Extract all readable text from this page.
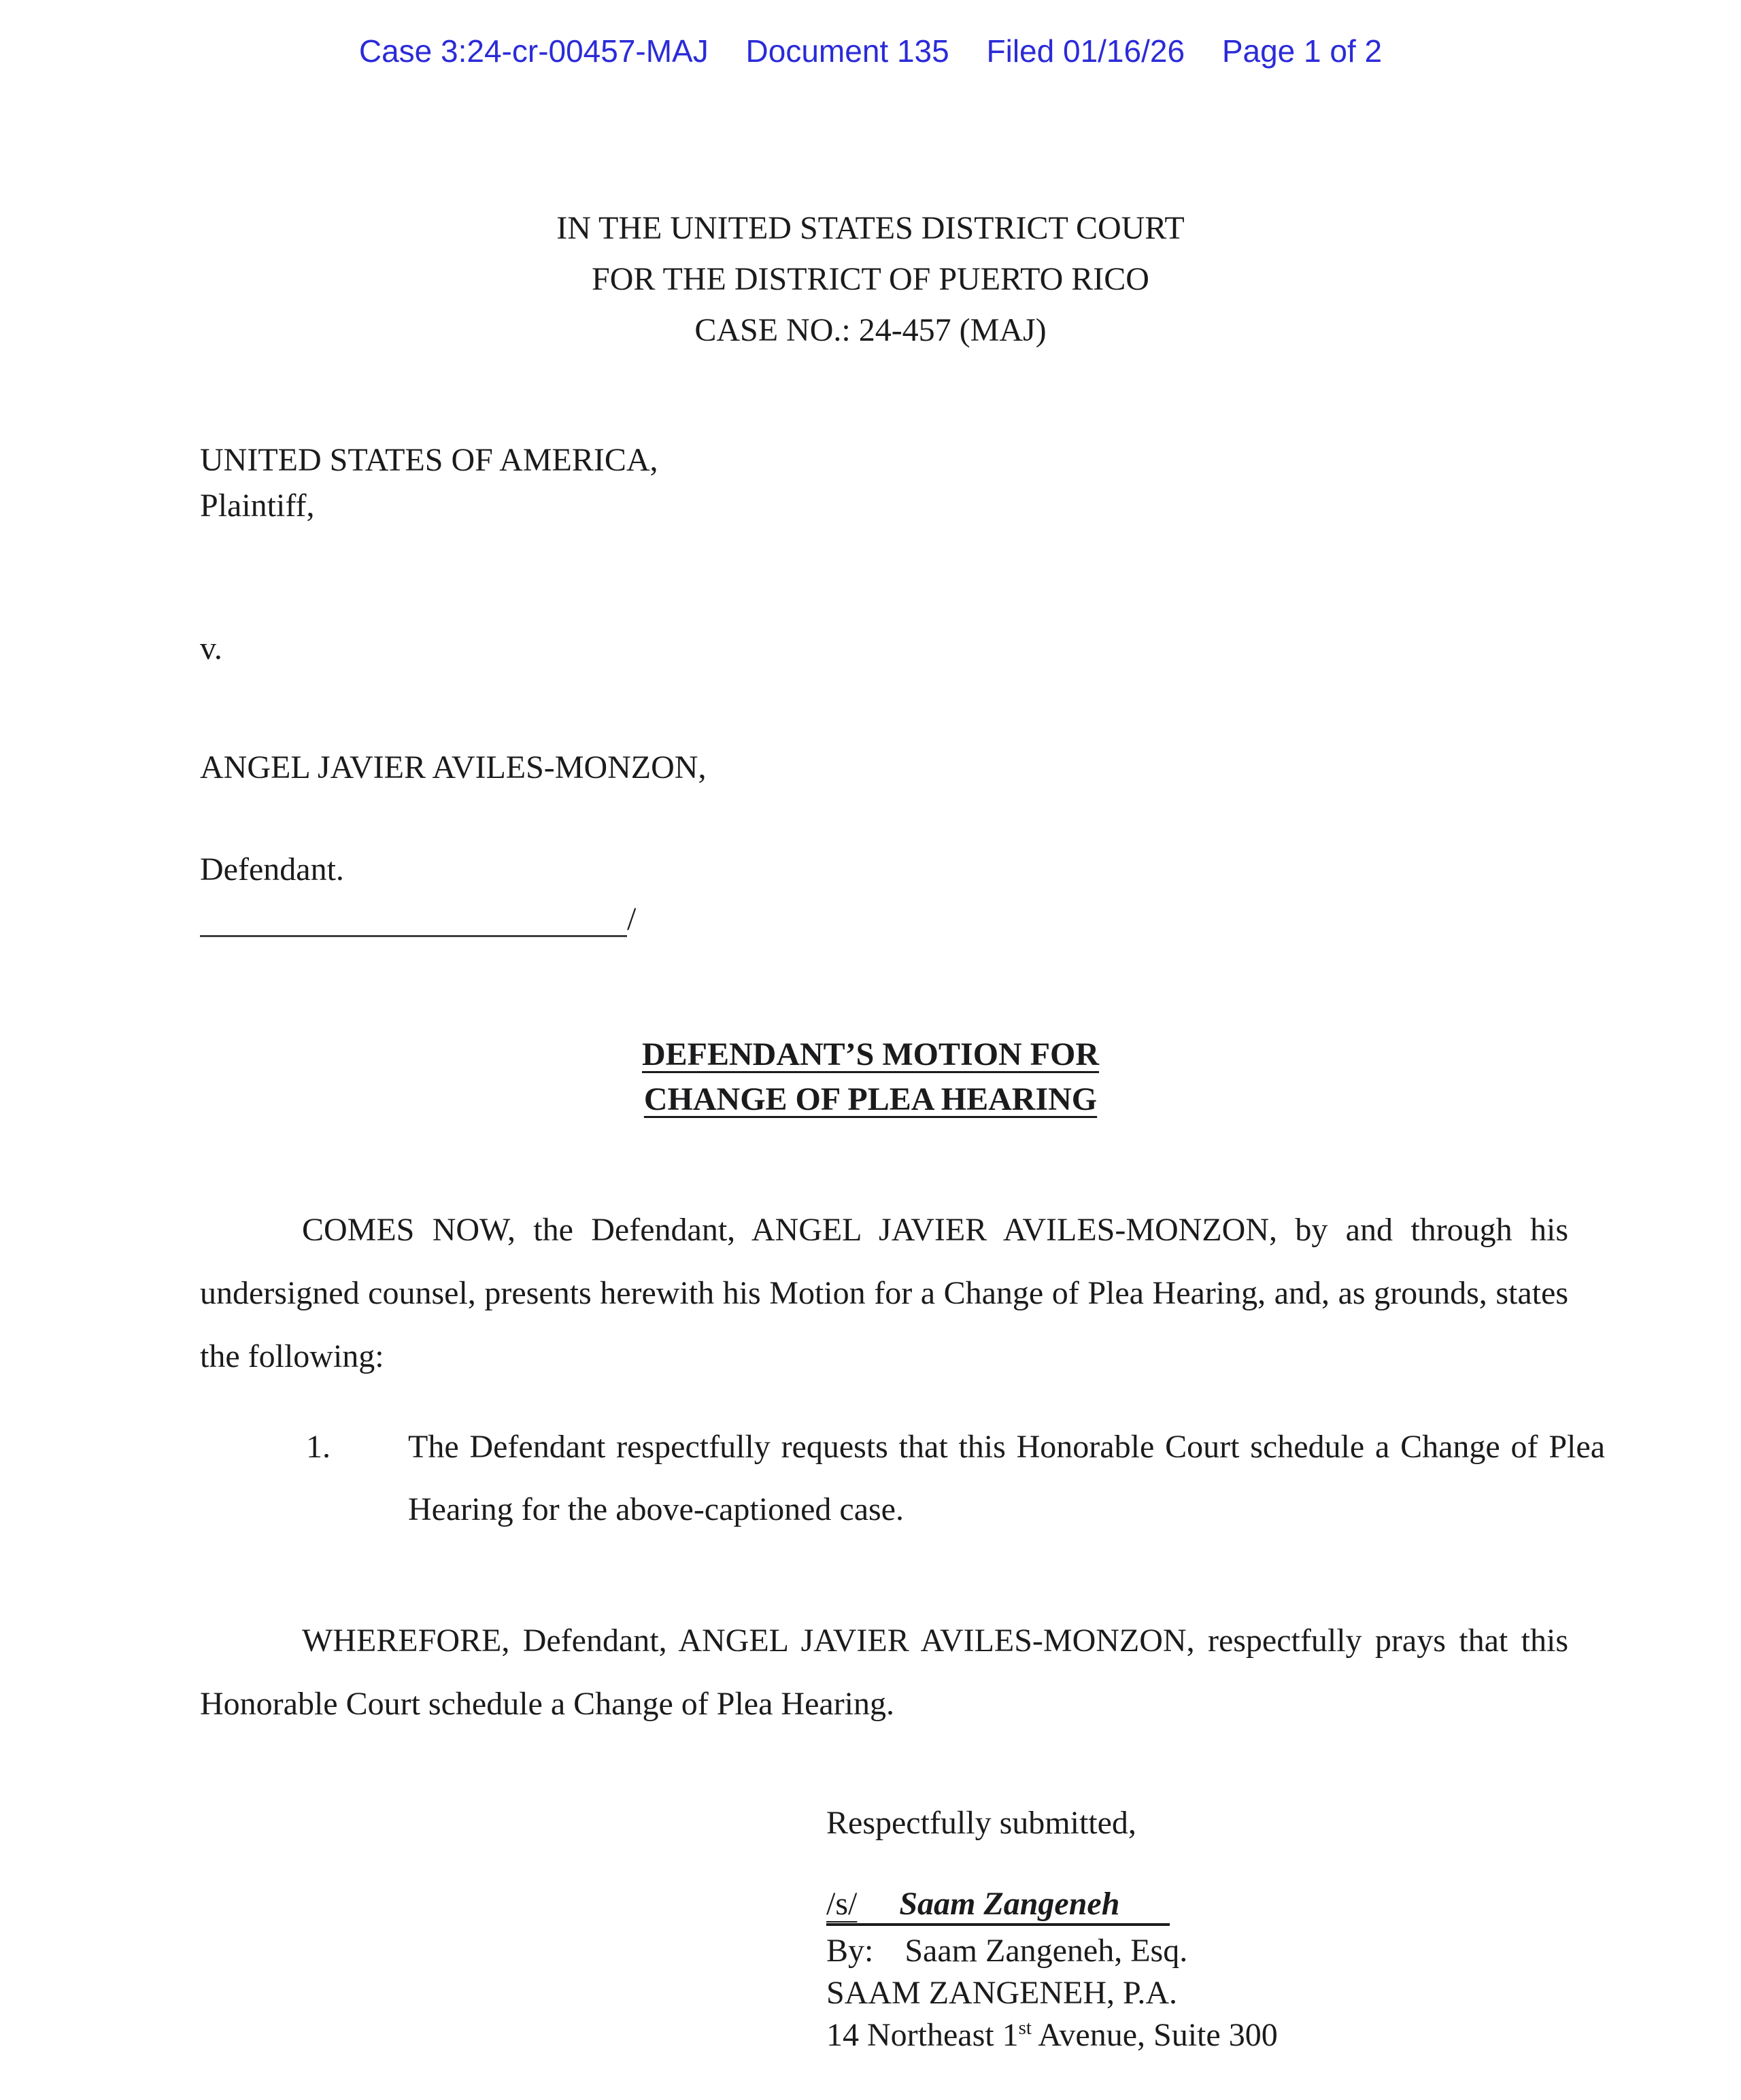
Case 3:24-cr-00457-MAJ Document 135 Filed 01/16/26 Page 1 of 2
IN THE UNITED STATES DISTRICT COURT
FOR THE DISTRICT OF PUERTO RICO
CASE NO.: 24-457 (MAJ)
UNITED STATES OF AMERICA,
Plaintiff,
v.
ANGEL JAVIER AVILES-MONZON,
Defendant.
/
DEFENDANT’S MOTION FOR
CHANGE OF PLEA HEARING
COMES NOW, the Defendant, ANGEL JAVIER AVILES-MONZON, by and through his undersigned counsel, presents herewith his Motion for a Change of Plea Hearing, and, as grounds, states the following:
1. The Defendant respectfully requests that this Honorable Court schedule a Change of Plea Hearing for the above-captioned case.
WHEREFORE, Defendant, ANGEL JAVIER AVILES-MONZON, respectfully prays that this Honorable Court schedule a Change of Plea Hearing.
Respectfully submitted,
/s/ Saam Zangeneh
By: Saam Zangeneh, Esq.
SAAM ZANGENEH, P.A.
14 Northeast 1st Avenue, Suite 300
